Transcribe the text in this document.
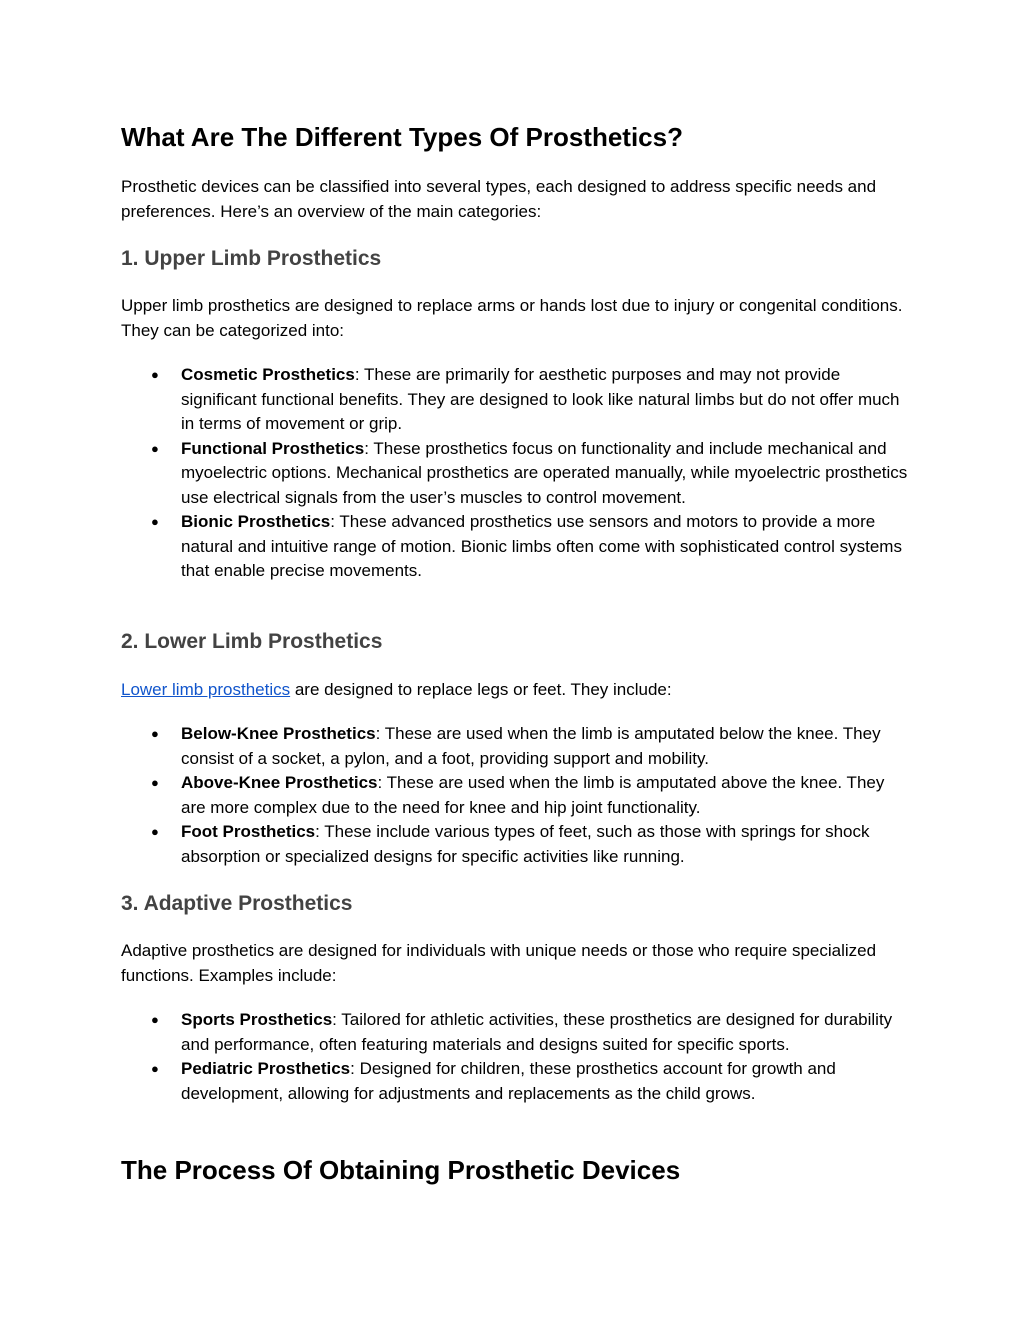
What Are The Different Types Of Prosthetics?

Prosthetic devices can be classified into several types, each designed to address specific needs and preferences. Here’s an overview of the main categories:

1. Upper Limb Prosthetics

Upper limb prosthetics are designed to replace arms or hands lost due to injury or congenital conditions. They can be categorized into:

● Cosmetic Prosthetics: These are primarily for aesthetic purposes and may not provide significant functional benefits. They are designed to look like natural limbs but do not offer much in terms of movement or grip.
● Functional Prosthetics: These prosthetics focus on functionality and include mechanical and myoelectric options. Mechanical prosthetics are operated manually, while myoelectric prosthetics use electrical signals from the user’s muscles to control movement.
● Bionic Prosthetics: These advanced prosthetics use sensors and motors to provide a more natural and intuitive range of motion. Bionic limbs often come with sophisticated control systems that enable precise movements.
2. Lower Limb Prosthetics

Lower limb prosthetics are designed to replace legs or feet. They include:

● Below-Knee Prosthetics: These are used when the limb is amputated below the knee. They consist of a socket, a pylon, and a foot, providing support and mobility.
● Above-Knee Prosthetics: These are used when the limb is amputated above the knee. They are more complex due to the need for knee and hip joint functionality.
● Foot Prosthetics: These include various types of feet, such as those with springs for shock absorption or specialized designs for specific activities like running.
3. Adaptive Prosthetics

Adaptive prosthetics are designed for individuals with unique needs or those who require specialized functions. Examples include:

● Sports Prosthetics: Tailored for athletic activities, these prosthetics are designed for durability and performance, often featuring materials and designs suited for specific sports.
● Pediatric Prosthetics: Designed for children, these prosthetics account for growth and development, allowing for adjustments and replacements as the child grows.
The Process Of Obtaining Prosthetic Devices
